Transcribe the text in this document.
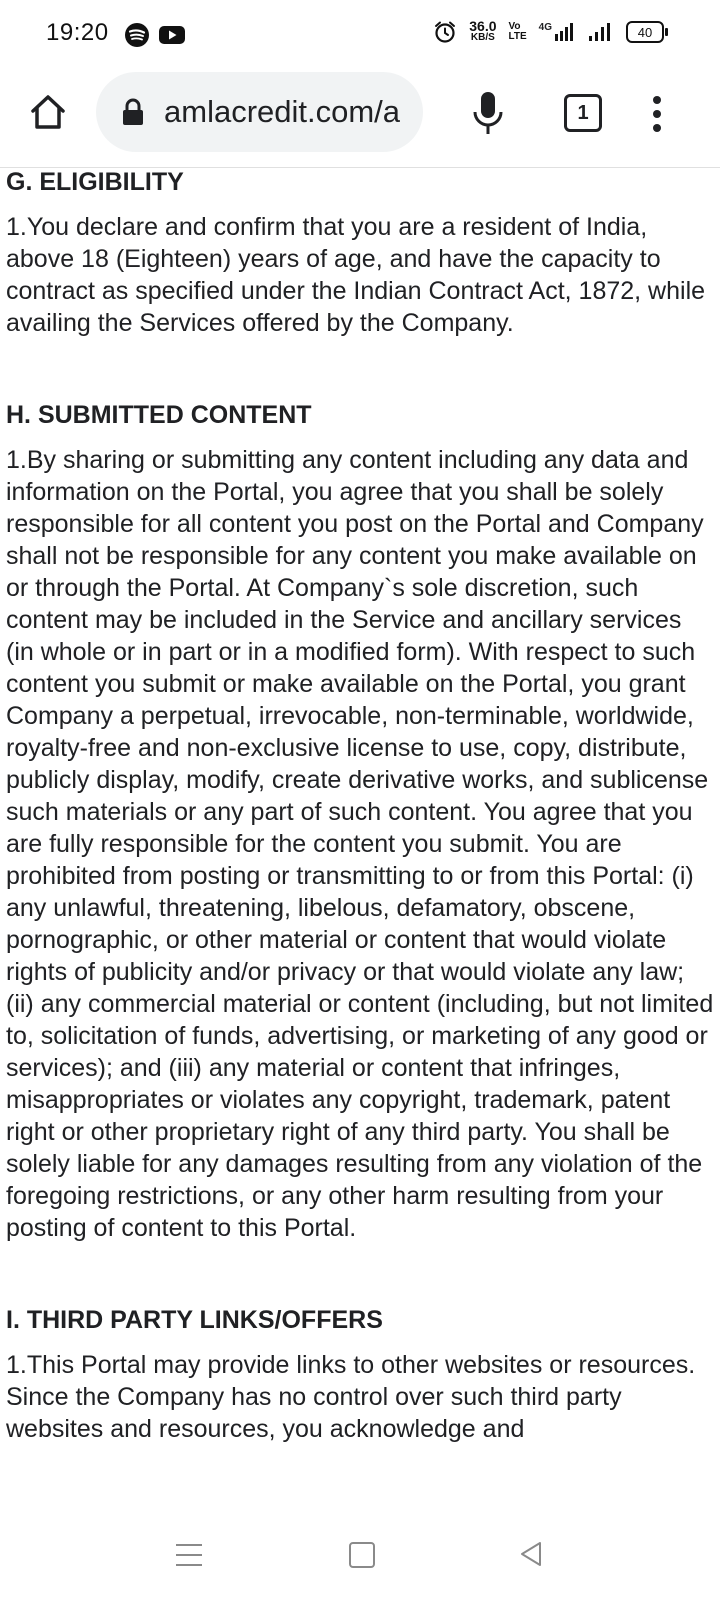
19:20	36.0
KB/S
Vo
LTE
4G	40
amlacredit.com/a	1
G. ELIGIBILITY

1.You declare and confirm that you are a resident of India, above 18 (Eighteen) years of age, and have the capacity to contract as specified under the Indian Contract Act, 1872, while availing the Services offered by the Company.

H. SUBMITTED CONTENT

1.By sharing or submitting any content including any data and information on the Portal, you agree that you shall be solely responsible for all content you post on the Portal and Company shall not be responsible for any content you make available on or through the Portal. At Company`s sole discretion, such content may be included in the Service and ancillary services (in whole or in part or in a modified form). With respect to such content you submit or make available on the Portal, you grant Company a perpetual, irrevocable, non-terminable, worldwide, royalty-free and non-exclusive license to use, copy, distribute, publicly display, modify, create derivative works, and sublicense such materials or any part of such content. You agree that you are fully responsible for the content you submit. You are prohibited from posting or transmitting to or from this Portal: (i) any unlawful, threatening, libelous, defamatory, obscene, pornographic, or other material or content that would violate rights of publicity and/or privacy or that would violate any law; (ii) any commercial material or content (including, but not limited to, solicitation of funds, advertising, or marketing of any good or services); and (iii) any material or content that infringes, misappropriates or violates any copyright, trademark, patent right or other proprietary right of any third party. You shall be solely liable for any damages resulting from any violation of the foregoing restrictions, or any other harm resulting from your posting of content to this Portal.

I. THIRD PARTY LINKS/OFFERS

1.This Portal may provide links to other websites or resources. Since the Company has no control over such third party websites and resources, you acknowledge and
